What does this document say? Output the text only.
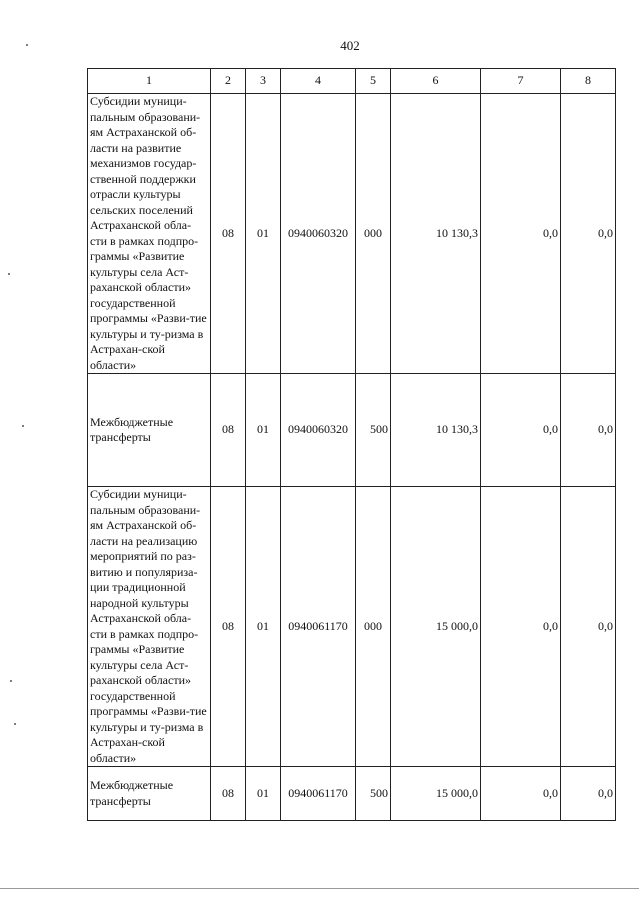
402
1	2	3	4	5	6	7	8
Субсидии муници-пальным образовани-ям Астраханской об-ласти на развитие механизмов государ-ственной поддержки отрасли культуры сельских поселений Астраханской обла-сти в рамках подпро-граммы «Развитие культуры села Аст-раханской области» государственной программы «Разви-тие культуры и ту-ризма в Астрахан-ской области»	08	01	0940060320	000	10 130,3	0,0	0,0
Межбюджетные трансферты	08	01	0940060320	500	10 130,3	0,0	0,0
Субсидии муници-пальным образовани-ям Астраханской об-ласти на реализацию мероприятий по раз-витию и популяриза-ции традиционной народной культуры Астраханской обла-сти в рамках подпро-граммы «Развитие культуры села Аст-раханской области» государственной программы «Разви-тие культуры и ту-ризма в Астрахан-ской области»	08	01	0940061170	000	15 000,0	0,0	0,0
Межбюджетные трансферты	08	01	0940061170	500	15 000,0	0,0	0,0
